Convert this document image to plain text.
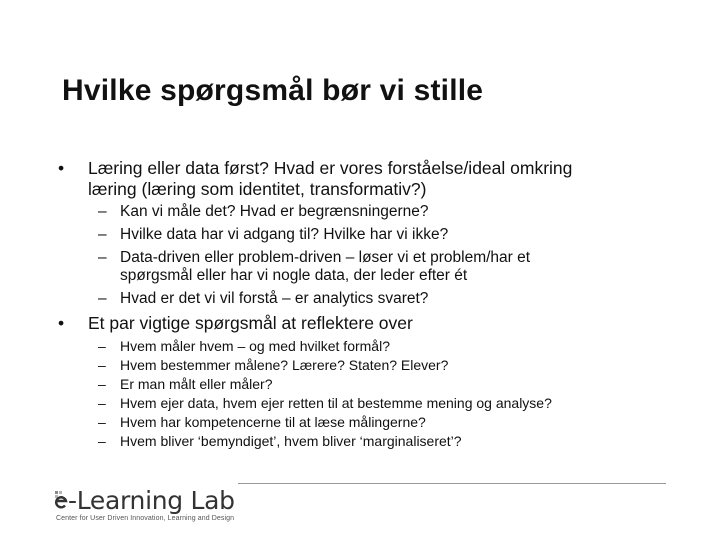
Hvilke spørgsmål bør vi stille
• Læring eller data først? Hvad er vores forståelse/ideal omkring
læring (læring som identitet, transformativ?)
– Kan vi måle det? Hvad er begrænsningerne?
– Hvilke data har vi adgang til? Hvilke har vi ikke?
– Data-driven eller problem-driven – løser vi et problem/har et
spørgsmål eller har vi nogle data, der leder efter ét
– Hvad er det vi vil forstå – er analytics svaret?
• Et par vigtige spørgsmål at reflektere over
– Hvem måler hvem – og med hvilket formål?
– Hvem bestemmer målene? Lærere? Staten? Elever?
– Er man målt eller måler?
– Hvem ejer data, hvem ejer retten til at bestemme mening og analyse?
– Hvem har kompetencerne til at læse målingerne?
– Hvem bliver ‘bemyndiget’, hvem bliver ‘marginaliseret’?
-Learning Lab
Center for User Driven Innovation, Learning and Design
